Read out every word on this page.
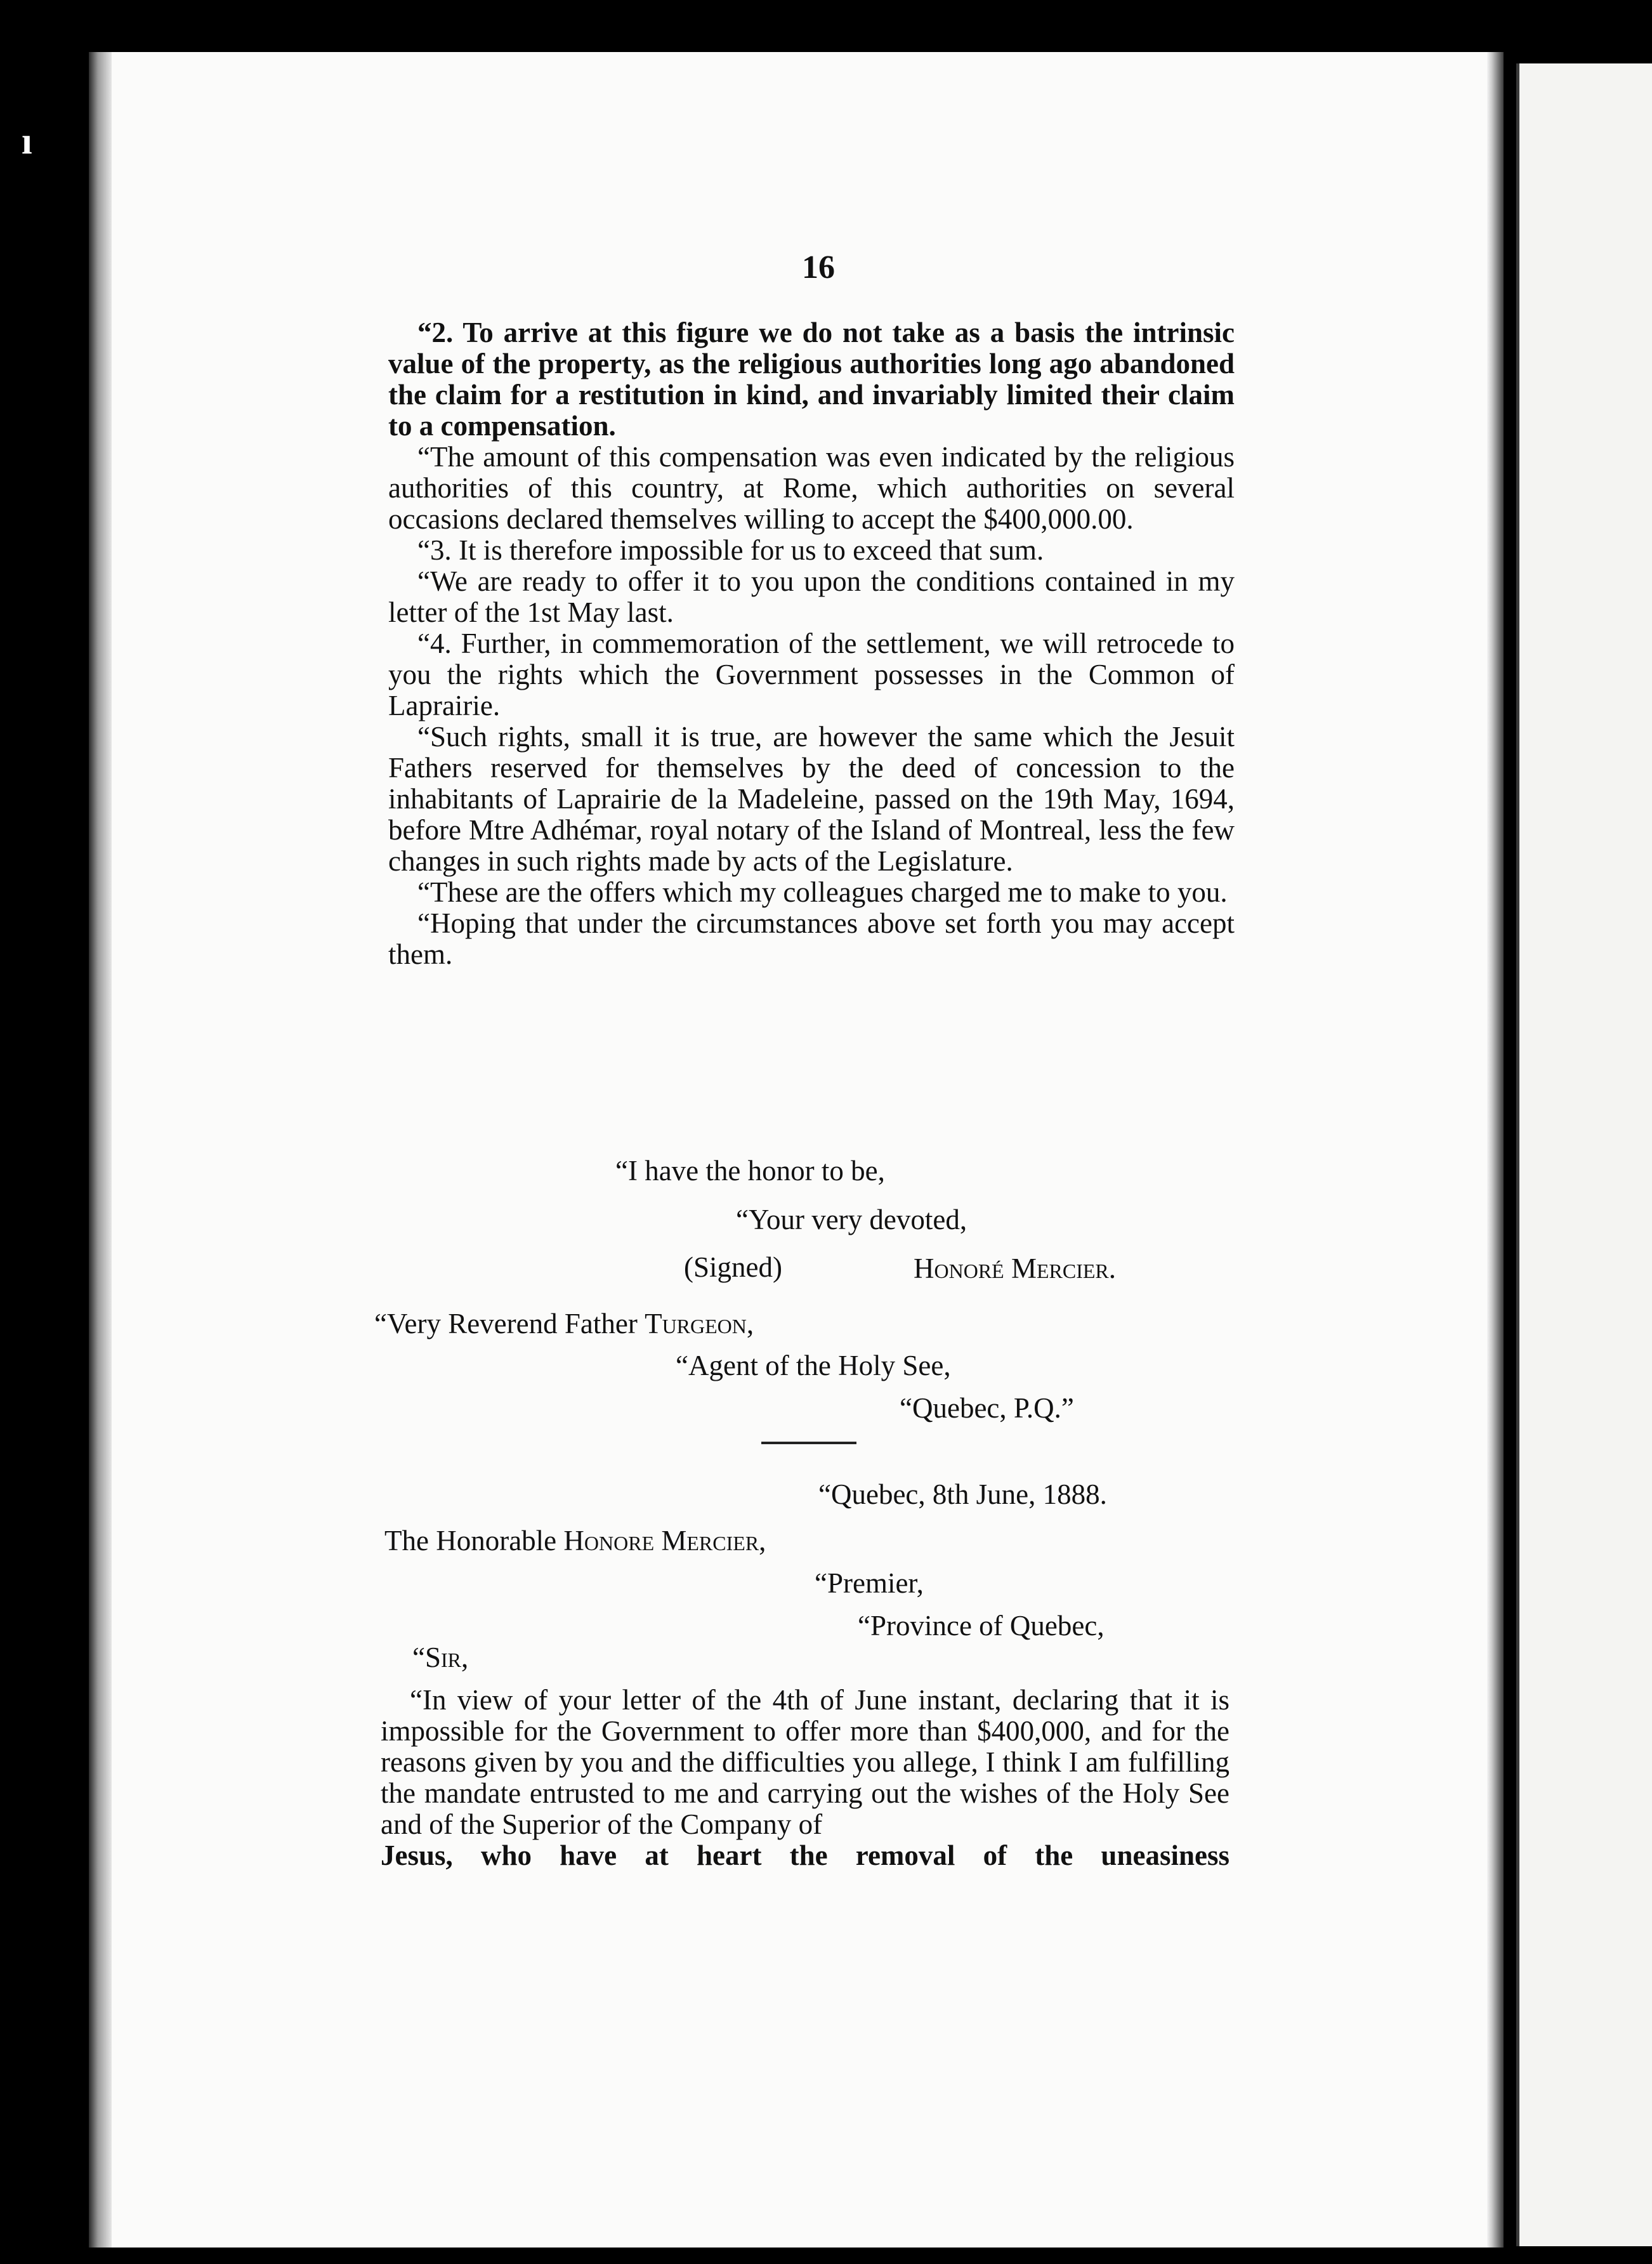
ı
16

“2. To arrive at this figure we do not take as a basis the intrinsic value of the property, as the religious authorities long ago abandoned the claim for a restitution in kind, and invariably limited their claim to a compensation.

“The amount of this compensation was even indicated by the religious authorities of this country, at Rome, which authorities on several occasions declared themselves willing to accept the $400,000.00.

“3. It is therefore impossible for us to exceed that sum.

“We are ready to offer it to you upon the conditions contained in my letter of the 1st May last.

“4. Further, in commemoration of the settlement, we will retrocede to you the rights which the Government possesses in the Common of Laprairie.

“Such rights, small it is true, are however the same which the Jesuit Fathers reserved for themselves by the deed of concession to the inhabitants of Laprairie de la Madeleine, passed on the 19th May, 1694, before Mtre Adhémar, royal notary of the Island of Montreal, less the few changes in such rights made by acts of the Legislature.

“These are the offers which my colleagues charged me to make to you.

“Hoping that under the circumstances above set forth you may accept them.

“I have the honor to be,
“Your very devoted,
(Signed)	Honoré Mercier.
“Very Reverend Father Turgeon,
“Agent of the Holy See,
“Quebec, P.Q.”
“Quebec, 8th June, 1888.
The Honorable Honore Mercier,
“Premier,
“Province of Quebec,
“Sir,

“In view of your letter of the 4th of June instant, declaring that it is impossible for the Government to offer more than $400,000, and for the reasons given by you and the difficulties you allege, I think I am fulfilling the mandate entrusted to me and carrying out the wishes of the Holy See and of the Superior of the Company of

Jesus, who have at heart the removal of the uneasiness
